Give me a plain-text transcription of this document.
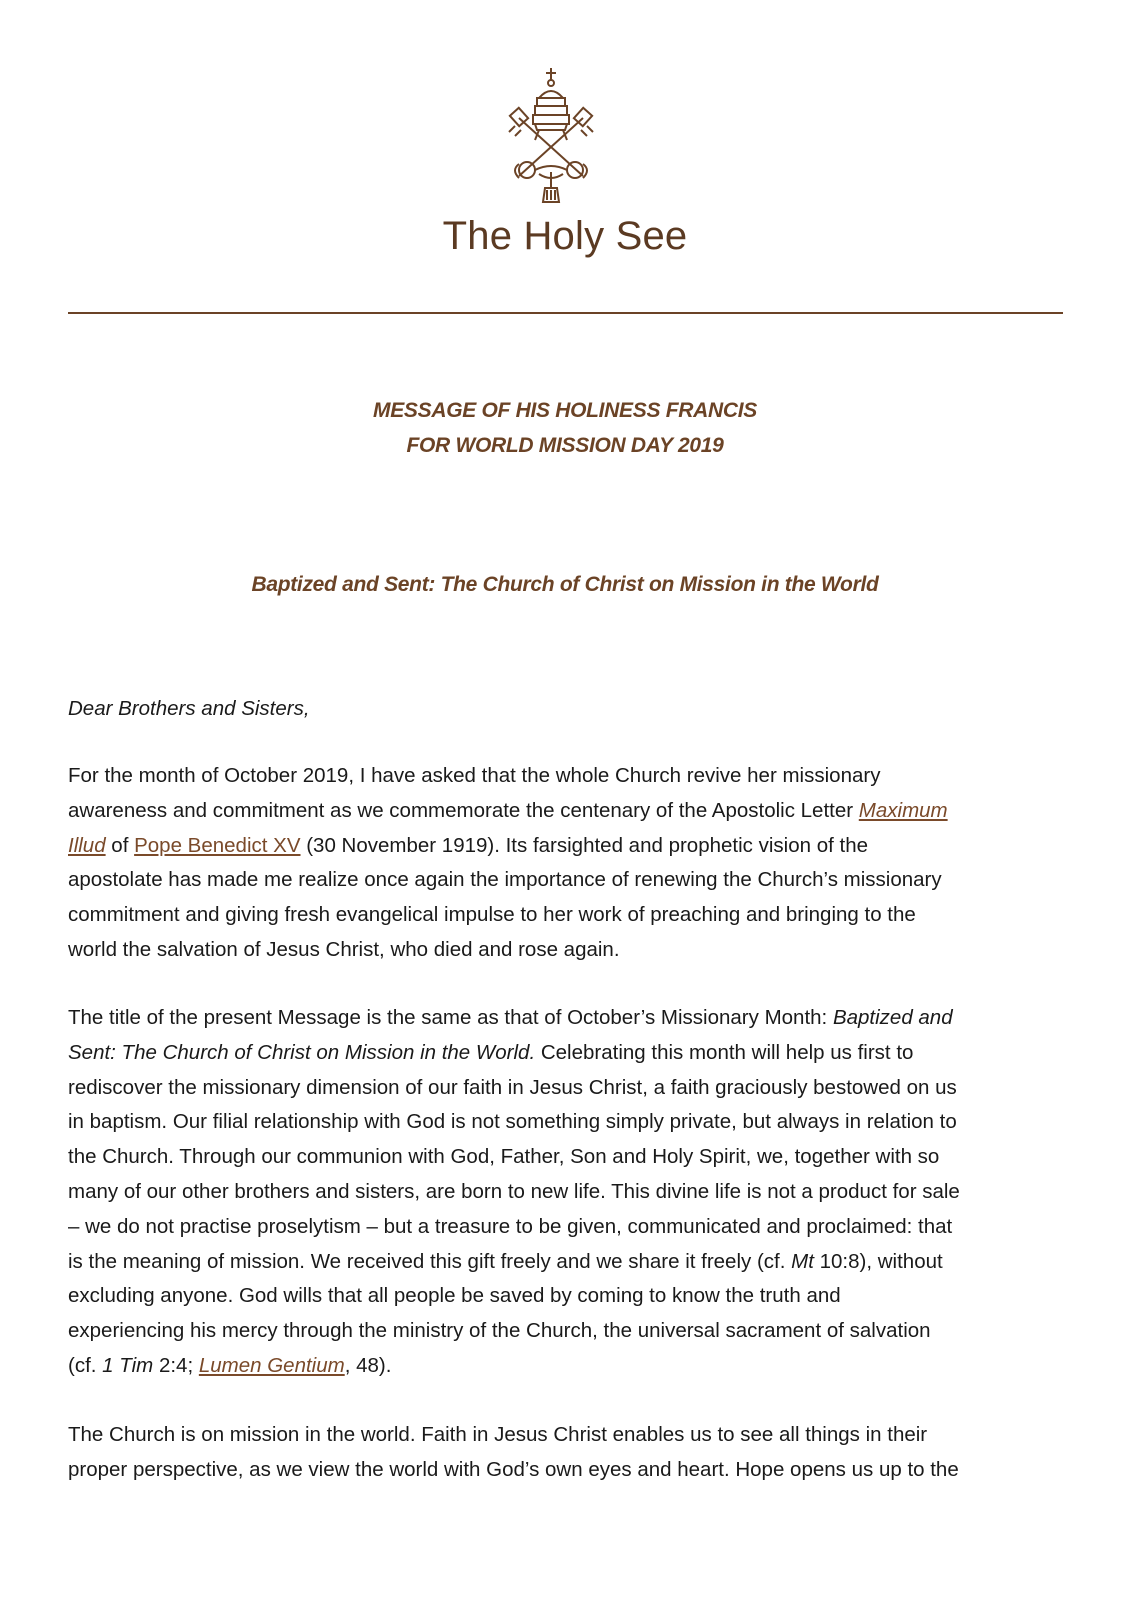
The Holy See
MESSAGE OF HIS HOLINESS FRANCIS
FOR WORLD MISSION DAY 2019
Baptized and Sent: The Church of Christ on Mission in the World
Dear Brothers and Sisters,
For the month of October 2019, I have asked that the whole Church revive her missionary
awareness and commitment as we commemorate the centenary of the Apostolic Letter Maximum
Illud of Pope Benedict XV (30 November 1919). Its farsighted and prophetic vision of the
apostolate has made me realize once again the importance of renewing the Church’s missionary
commitment and giving fresh evangelical impulse to her work of preaching and bringing to the
world the salvation of Jesus Christ, who died and rose again.
The title of the present Message is the same as that of October’s Missionary Month: Baptized and
Sent: The Church of Christ on Mission in the World. Celebrating this month will help us first to
rediscover the missionary dimension of our faith in Jesus Christ, a faith graciously bestowed on us
in baptism. Our filial relationship with God is not something simply private, but always in relation to
the Church. Through our communion with God, Father, Son and Holy Spirit, we, together with so
many of our other brothers and sisters, are born to new life. This divine life is not a product for sale
– we do not practise proselytism – but a treasure to be given, communicated and proclaimed: that
is the meaning of mission. We received this gift freely and we share it freely (cf. Mt 10:8), without
excluding anyone. God wills that all people be saved by coming to know the truth and
experiencing his mercy through the ministry of the Church, the universal sacrament of salvation
(cf. 1 Tim 2:4; Lumen Gentium, 48).
The Church is on mission in the world. Faith in Jesus Christ enables us to see all things in their
proper perspective, as we view the world with God’s own eyes and heart. Hope opens us up to the
